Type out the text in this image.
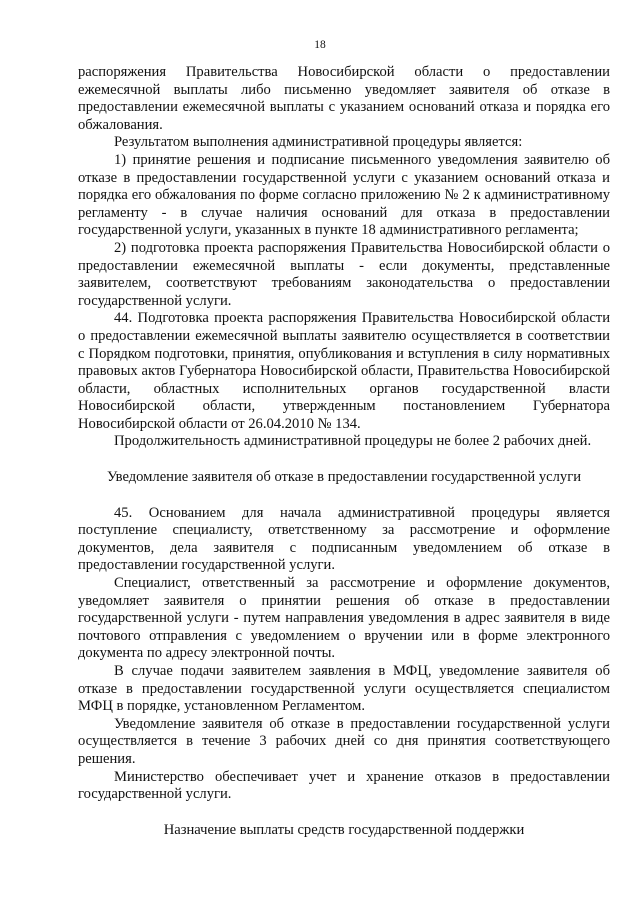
18

распоряжения Правительства Новосибирской области о предоставлении ежемесячной выплаты либо письменно уведомляет заявителя об отказе в предоставлении ежемесячной выплаты с указанием оснований отказа и порядка его обжалования.

Результатом выполнения административной процедуры является:

1) принятие решения и подписание письменного уведомления заявителю об отказе в предоставлении государственной услуги с указанием оснований отказа и порядка его обжалования по форме согласно приложению № 2 к административному регламенту - в случае наличия оснований для отказа в предоставлении государственной услуги, указанных в пункте 18 административного регламента;

2) подготовка проекта распоряжения Правительства Новосибирской области о предоставлении ежемесячной выплаты - если документы, представленные заявителем, соответствуют требованиям законодательства о предоставлении государственной услуги.

44. Подготовка проекта распоряжения Правительства Новосибирской области о предоставлении ежемесячной выплаты заявителю осуществляется в соответствии с Порядком подготовки, принятия, опубликования и вступления в силу нормативных правовых актов Губернатора Новосибирской области, Правительства Новосибирской области, областных исполнительных органов государственной власти Новосибирской области, утвержденным постановлением Губернатора Новосибирской области от 26.04.2010 № 134.

Продолжительность административной процедуры не более 2 рабочих дней.

Уведомление заявителя об отказе в предоставлении государственной услуги

45. Основанием для начала административной процедуры является поступление специалисту, ответственному за рассмотрение и оформление документов, дела заявителя с подписанным уведомлением об отказе в предоставлении государственной услуги.

Специалист, ответственный за рассмотрение и оформление документов, уведомляет заявителя о принятии решения об отказе в предоставлении государственной услуги - путем направления уведомления в адрес заявителя в виде почтового отправления с уведомлением о вручении или в форме электронного документа по адресу электронной почты.

В случае подачи заявителем заявления в МФЦ, уведомление заявителя об отказе в предоставлении государственной услуги осуществляется специалистом МФЦ в порядке, установленном Регламентом.

Уведомление заявителя об отказе в предоставлении государственной услуги осуществляется в течение 3 рабочих дней со дня принятия соответствующего решения.

Министерство обеспечивает учет и хранение отказов в предоставлении государственной услуги.

Назначение выплаты средств государственной поддержки
